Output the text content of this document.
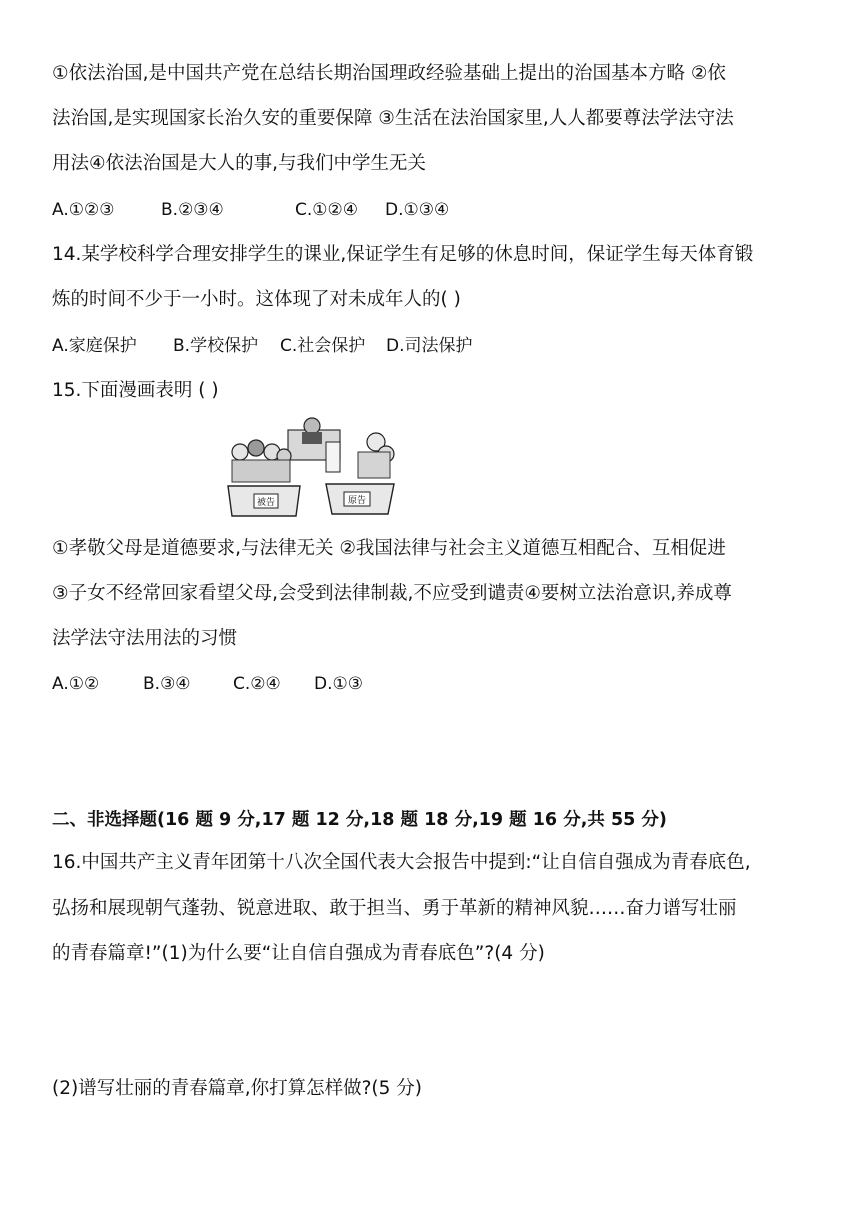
①依法治国,是中国共产党在总结长期治国理政经验基础上提出的治国基本方略 ②依
法治国,是实现国家长治久安的重要保障 ③生活在法治国家里,人人都要尊法学法守法
用法④依法治国是大人的事,与我们中学生无关
A.①②③	B.②③④	C.①②④ D.①③④
14.某学校科学合理安排学生的课业,保证学生有足够的休息时间，保证学生每天体育锻
炼的时间不少于一小时。这体现了对未成年人的( )
A.家庭保护 B.学校保护 C.社会保护 D.司法保护
15.下面漫画表明 ( )
被告	原告
①孝敬父母是道德要求,与法律无关 ②我国法律与社会主义道德互相配合、互相促进
③子女不经常回家看望父母,会受到法律制裁,不应受到谴责④要树立法治意识,养成尊
法学法守法用法的习惯
A.①②	B.③④ C.②④ D.①③
二、非选择题(16 题 9 分,17 题 12 分,18 题 18 分,19 题 16 分,共 55 分)
16.中国共产主义青年团第十八次全国代表大会报告中提到:“让自信自强成为青春底色,
弘扬和展现朝气蓬勃、锐意进取、敢于担当、勇于革新的精神风貌……奋力谱写壮丽
的青春篇章!”(1)为什么要“让自信自强成为青春底色”?(4 分)
(2)谱写壮丽的青春篇章,你打算怎样做?(5 分)
